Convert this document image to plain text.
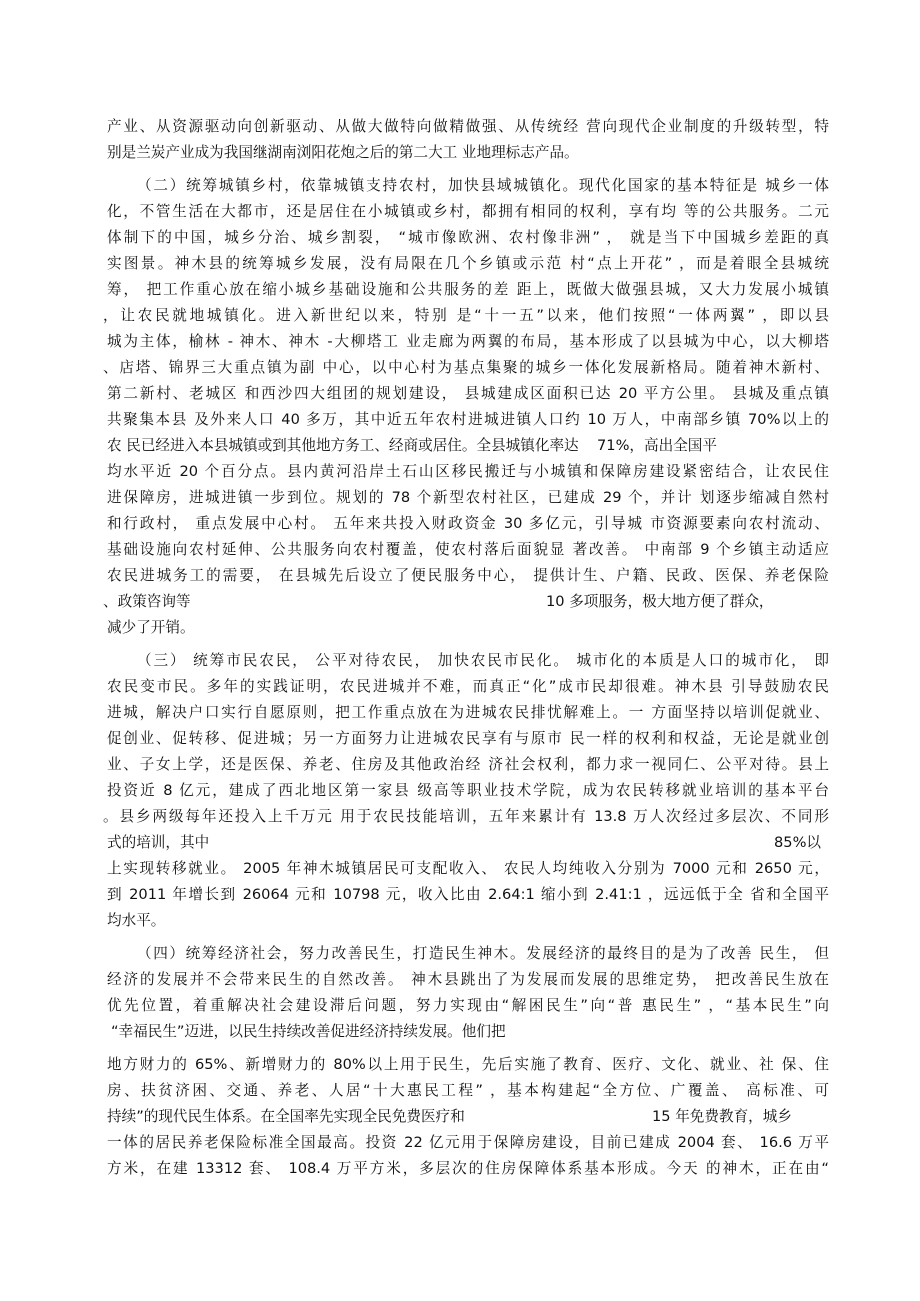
产业、从资源驱动向创新驱动、从做大做特向做精做强、从传统经 营向现代企业制度的升级转型，特
别是兰炭产业成为我国继湖南浏阳花炮之后的第二大工 业地理标志产品。
（二）统筹城镇乡村，依靠城镇支持农村，加快县域城镇化。现代化国家的基本特征是 城乡一体
化，不管生活在大都市，还是居住在小城镇或乡村，都拥有相同的权利，享有均 等的公共服务。二元
体制下的中国，城乡分治、城乡割裂， “城市像欧洲、农村像非洲” ， 就是当下中国城乡差距的真
实图景。神木县的统筹城乡发展，没有局限在几个乡镇或示范 村“点上开花” ，而是着眼全县城统
筹， 把工作重心放在缩小城乡基础设施和公共服务的差 距上，既做大做强县城，又大力发展小城镇
，让农民就地城镇化。进入新世纪以来，特别 是“十一五”以来，他们按照“一体两翼” ，即以县
城为主体，榆林 - 神木、神木 -大柳塔工 业走廊为两翼的布局，基本形成了以县城为中心，以大柳塔
、店塔、锦界三大重点镇为副 中心，以中心村为基点集聚的城乡一体化发展新格局。随着神木新村、
第二新村、老城区 和西沙四大组团的规划建设， 县城建成区面积已达 20 平方公里。 县城及重点镇
共聚集本县 及外来人口 40 多万，其中近五年农村进城进镇人口约 10 万人，中南部乡镇 70%以上的
农 民已经进入本县城镇或到其他地方务工、经商或居住。全县城镇化率达 71%，高出全国平
均水平近 20 个百分点。县内黄河沿岸土石山区移民搬迁与小城镇和保障房建设紧密结合，让农民住
进保障房，进城进镇一步到位。规划的 78 个新型农村社区，已建成 29 个，并计 划逐步缩减自然村
和行政村， 重点发展中心村。 五年来共投入财政资金 30 多亿元，引导城 市资源要素向农村流动、
基础设施向农村延伸、公共服务向农村覆盖，使农村落后面貌显 著改善。 中南部 9 个乡镇主动适应
农民进城务工的需要， 在县城先后设立了便民服务中心， 提供计生、户籍、民政、医保、养老保险
、政策咨询等	10 多项服务，极大地方便了群众，
减少了开销。
（三） 统筹市民农民， 公平对待农民， 加快农民市民化。 城市化的本质是人口的城市化， 即
农民变市民。多年的实践证明，农民进城并不难，而真正“化”成市民却很难。神木县 引导鼓励农民
进城，解决户口实行自愿原则，把工作重点放在为进城农民排忧解难上。一 方面坚持以培训促就业、
促创业、促转移、促进城；另一方面努力让进城农民享有与原市 民一样的权利和权益，无论是就业创
业、子女上学，还是医保、养老、住房及其他政治经 济社会权利，都力求一视同仁、公平对待。县上
投资近 8 亿元，建成了西北地区第一家县 级高等职业技术学院，成为农民转移就业培训的基本平台
。县乡两级每年还投入上千万元 用于农民技能培训，五年来累计有 13.8 万人次经过多层次、不同形
式的培训，其中	85%以
上实现转移就业。 2005 年神木城镇居民可支配收入、 农民人均纯收入分别为 7000 元和 2650 元，
到 2011 年增长到 26064 元和 10798 元，收入比由 2.64:1 缩小到 2.41:1 ，远远低于全 省和全国平
均水平。
（四）统筹经济社会，努力改善民生，打造民生神木。发展经济的最终目的是为了改善 民生， 但
经济的发展并不会带来民生的自然改善。 神木县跳出了为发展而发展的思维定势， 把改善民生放在
优先位置，着重解决社会建设滞后问题，努力实现由“解困民生”向“普 惠民生” ，“基本民生”向
“幸福民生”迈进，以民生持续改善促进经济持续发展。他们把
地方财力的 65%、新增财力的 80%以上用于民生，先后实施了教育、医疗、文化、就业、社 保、住
房、扶贫济困、交通、养老、人居“十大惠民工程” ，基本构建起“全方位、广覆盖、 高标准、可
持续”的现代民生体系。在全国率先实现全民免费医疗和	15 年免费教育，城乡
一体的居民养老保险标准全国最高。投资 22 亿元用于保障房建设，目前已建成 2004 套、 16.6 万平
方米，在建 13312 套、 108.4 万平方米，多层次的住房保障体系基本形成。今天 的神木，正在由“
